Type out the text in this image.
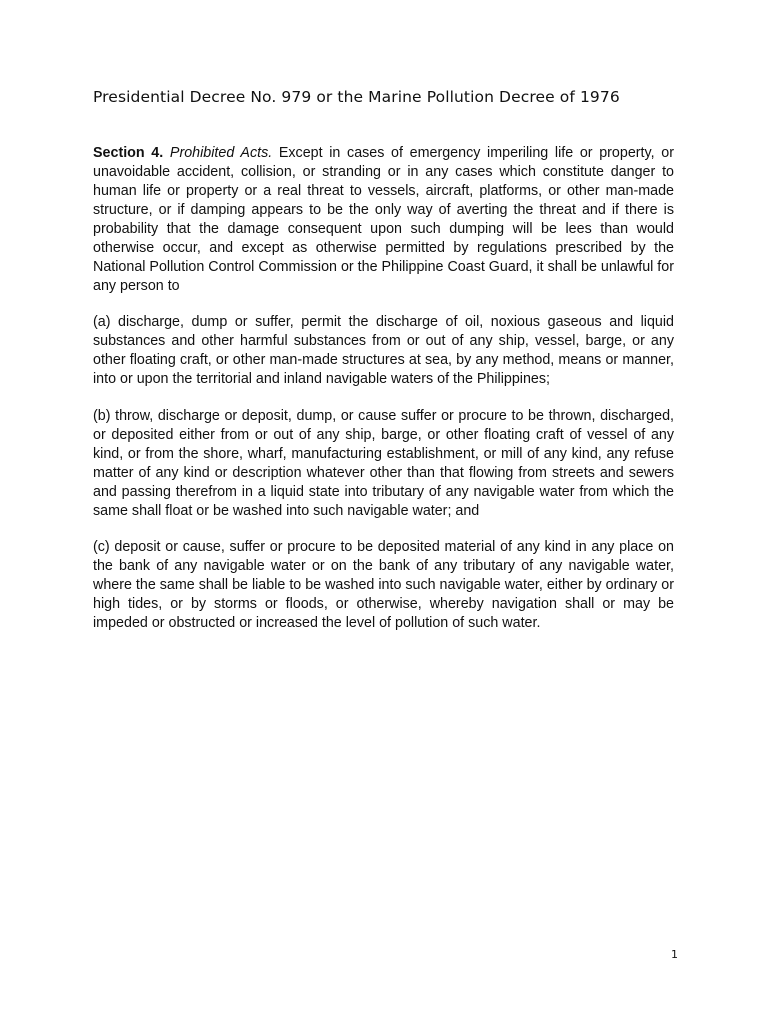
Presidential Decree No. 979 or the Marine Pollution Decree of 1976

Section 4. Prohibited Acts. Except in cases of emergency imperiling life or property, or unavoidable accident, collision, or stranding or in any cases which constitute danger to human life or property or a real threat to vessels, aircraft, platforms, or other man-made structure, or if damping appears to be the only way of averting the threat and if there is probability that the damage consequent upon such dumping will be lees than would otherwise occur, and except as otherwise permitted by regulations prescribed by the National Pollution Control Commission or the Philippine Coast Guard, it shall be unlawful for any person to

(a) discharge, dump or suffer, permit the discharge of oil, noxious gaseous and liquid substances and other harmful substances from or out of any ship, vessel, barge, or any other floating craft, or other man-made structures at sea, by any method, means or manner, into or upon the territorial and inland navigable waters of the Philippines;

(b) throw, discharge or deposit, dump, or cause suffer or procure to be thrown, discharged, or deposited either from or out of any ship, barge, or other floating craft of vessel of any kind, or from the shore, wharf, manufacturing establishment, or mill of any kind, any refuse matter of any kind or description whatever other than that flowing from streets and sewers and passing therefrom in a liquid state into tributary of any navigable water from which the same shall float or be washed into such navigable water; and

(c) deposit or cause, suffer or procure to be deposited material of any kind in any place on the bank of any navigable water or on the bank of any tributary of any navigable water, where the same shall be liable to be washed into such navigable water, either by ordinary or high tides, or by storms or floods, or otherwise, whereby navigation shall or may be impeded or obstructed or increased the level of pollution of such water.

1
